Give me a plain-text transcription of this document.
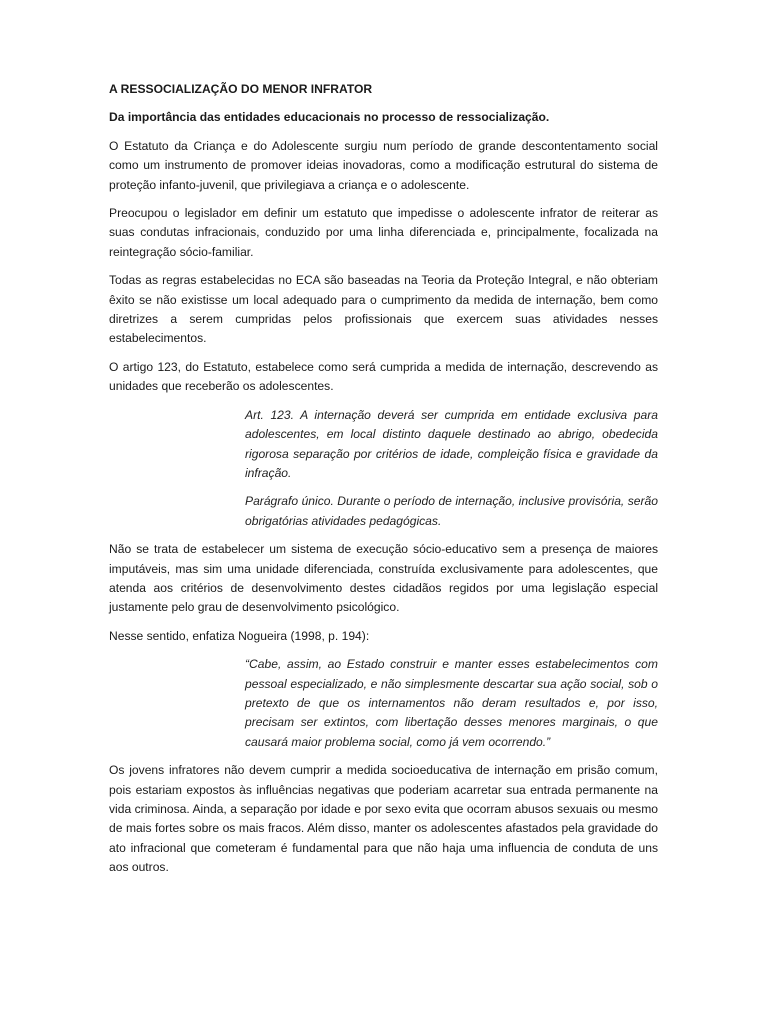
A RESSOCIALIZAÇÃO DO MENOR INFRATOR
Da importância das entidades educacionais no processo de ressocialização.

O Estatuto da Criança e do Adolescente surgiu num período de grande descontentamento social como um instrumento de promover ideias inovadoras, como a modificação estrutural do sistema de proteção infanto-juvenil, que privilegiava a criança e o adolescente.

Preocupou o legislador em definir um estatuto que impedisse o adolescente infrator de reiterar as suas condutas infracionais, conduzido por uma linha diferenciada e, principalmente, focalizada na reintegração sócio-familiar.

Todas as regras estabelecidas no ECA são baseadas na Teoria da Proteção Integral, e não obteriam êxito se não existisse um local adequado para o cumprimento da medida de internação, bem como diretrizes a serem cumpridas pelos profissionais que exercem suas atividades nesses estabelecimentos.

O artigo 123, do Estatuto, estabelece como será cumprida a medida de internação, descrevendo as unidades que receberão os adolescentes.

Art. 123. A internação deverá ser cumprida em entidade exclusiva para adolescentes, em local distinto daquele destinado ao abrigo, obedecida rigorosa separação por critérios de idade, compleição física e gravidade da infração.

Parágrafo único. Durante o período de internação, inclusive provisória, serão obrigatórias atividades pedagógicas.

Não se trata de estabelecer um sistema de execução sócio-educativo sem a presença de maiores imputáveis, mas sim uma unidade diferenciada, construída exclusivamente para adolescentes, que atenda aos critérios de desenvolvimento destes cidadãos regidos por uma legislação especial justamente pelo grau de desenvolvimento psicológico.

Nesse sentido, enfatiza Nogueira (1998, p. 194):

“Cabe, assim, ao Estado construir e manter esses estabelecimentos com pessoal especializado, e não simplesmente descartar sua ação social, sob o pretexto de que os internamentos não deram resultados e, por isso, precisam ser extintos, com libertação desses menores marginais, o que causará maior problema social, como já vem ocorrendo.”

Os jovens infratores não devem cumprir a medida socioeducativa de internação em prisão comum, pois estariam expostos às influências negativas que poderiam acarretar sua entrada permanente na vida criminosa. Ainda, a separação por idade e por sexo evita que ocorram abusos sexuais ou mesmo de mais fortes sobre os mais fracos. Além disso, manter os adolescentes afastados pela gravidade do ato infracional que cometeram é fundamental para que não haja uma influencia de conduta de uns aos outros.
